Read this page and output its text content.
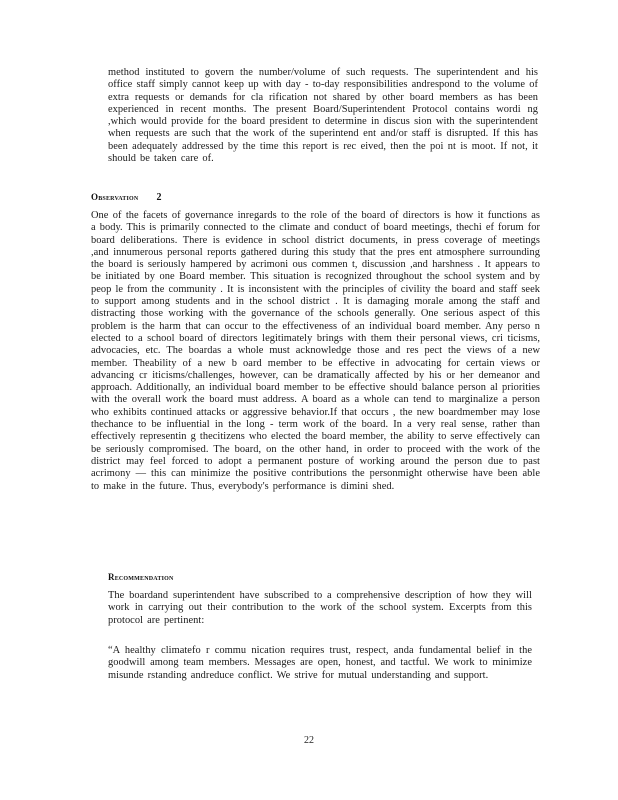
method instituted to govern the number/volume of such requests. The superintendent and his office staff simply cannot keep up with day - to-day responsibilities andrespond to the volume of extra requests or demands for cla rification not shared by other board members as has been experienced in recent months. The present Board/Superintendent Protocol contains wordi ng ,which would provide for the board president to determine in discus sion with the superintendent when requests are such that the work of the superintend ent and/or staff is disrupted. If this has been adequately addressed by the time this report is rec eived, then the poi nt is moot. If not, it should be taken care of.

Observation 2

One of the facets of governance inregards to the role of the board of directors is how it functions as a body. This is primarily connected to the climate and conduct of board meetings, thechi ef forum for board deliberations. There is evidence in school district documents, in press coverage of meetings ,and innumerous personal reports gathered during this study that the pres ent atmosphere surrounding the board is seriously hampered by acrimoni ous commen t, discussion ,and harshness . It appears to be initiated by one Board member. This situation is recognized throughout the school system and by peop le from the community . It is inconsistent with the principles of civility the board and staff seek to support among students and in the school district . It is damaging morale among the staff and distracting those working with the governance of the schools generally. One serious aspect of this problem is the harm that can occur to the effectiveness of an individual board member. Any perso n elected to a school board of directors legitimately brings with them their personal views, cri ticisms, advocacies, etc. The boardas a whole must acknowledge those and res pect the views of a new member. Theability of a new b oard member to be effective in advocating for certain views or advancing cr iticisms/challenges, however, can be dramatically affected by his or her demeanor and approach. Additionally, an individual board member to be effective should balance person al priorities with the overall work the board must address. A board as a whole can tend to marginalize a person who exhibits continued attacks or aggressive behavior.If that occurs , the new boardmember may lose thechance to be influential in the long - term work of the board. In a very real sense, rather than effectively representin g thecitizens who elected the board member, the ability to serve effectively can be seriously compromised. The board, on the other hand, in order to proceed with the work of the district may feel forced to adopt a permanent posture of working around the person due to past acrimony — this can minimize the positive contributions the personmight otherwise have been able to make in the future. Thus, everybody's performance is dimini shed.

Recommendation

The boardand superintendent have subscribed to a comprehensive description of how they will work in carrying out their contribution to the work of the school system. Excerpts from this protocol are pertinent:

“A healthy climatefo r commu nication requires trust, respect, anda fundamental belief in the goodwill among team members. Messages are open, honest, and tactful. We work to minimize misunde rstanding andreduce conflict. We strive for mutual understanding and support.

22
